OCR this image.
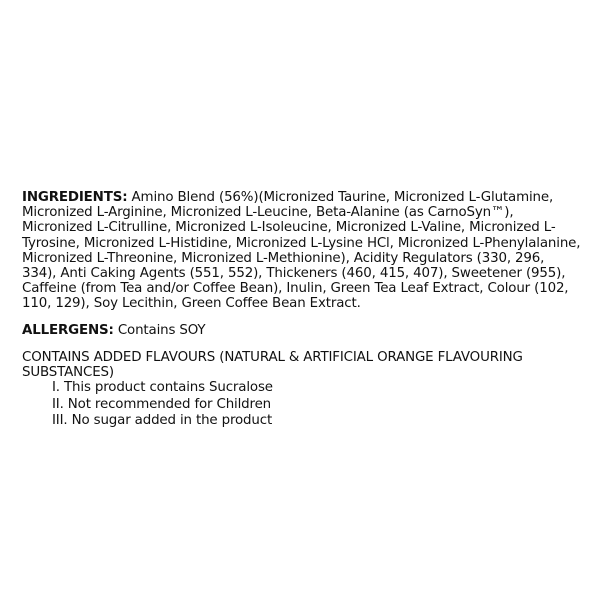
INGREDIENTS: Amino Blend (56%)(Micronized Taurine, Micronized L-Glutamine, Micronized L-Arginine, Micronized L-Leucine, Beta-Alanine (as CarnoSyn™), Micronized L-Citrulline, Micronized L-Isoleucine, Micronized L-Valine, Micronized L-Tyrosine, Micronized L-Histidine, Micronized L-Lysine HCl, Micronized L-Phenylalanine, Micronized L-Threonine, Micronized L-Methionine), Acidity Regulators (330, 296, 334), Anti Caking Agents (551, 552), Thickeners (460, 415, 407), Sweetener (955), Caffeine (from Tea and/or Coffee Bean), Inulin, Green Tea Leaf Extract, Colour (102, 110, 129), Soy Lecithin, Green Coffee Bean Extract.

ALLERGENS: Contains SOY

CONTAINS ADDED FLAVOURS (NATURAL & ARTIFICIAL ORANGE FLAVOURING SUBSTANCES)

I. This product contains Sucralose
II. Not recommended for Children
III. No sugar added in the product
